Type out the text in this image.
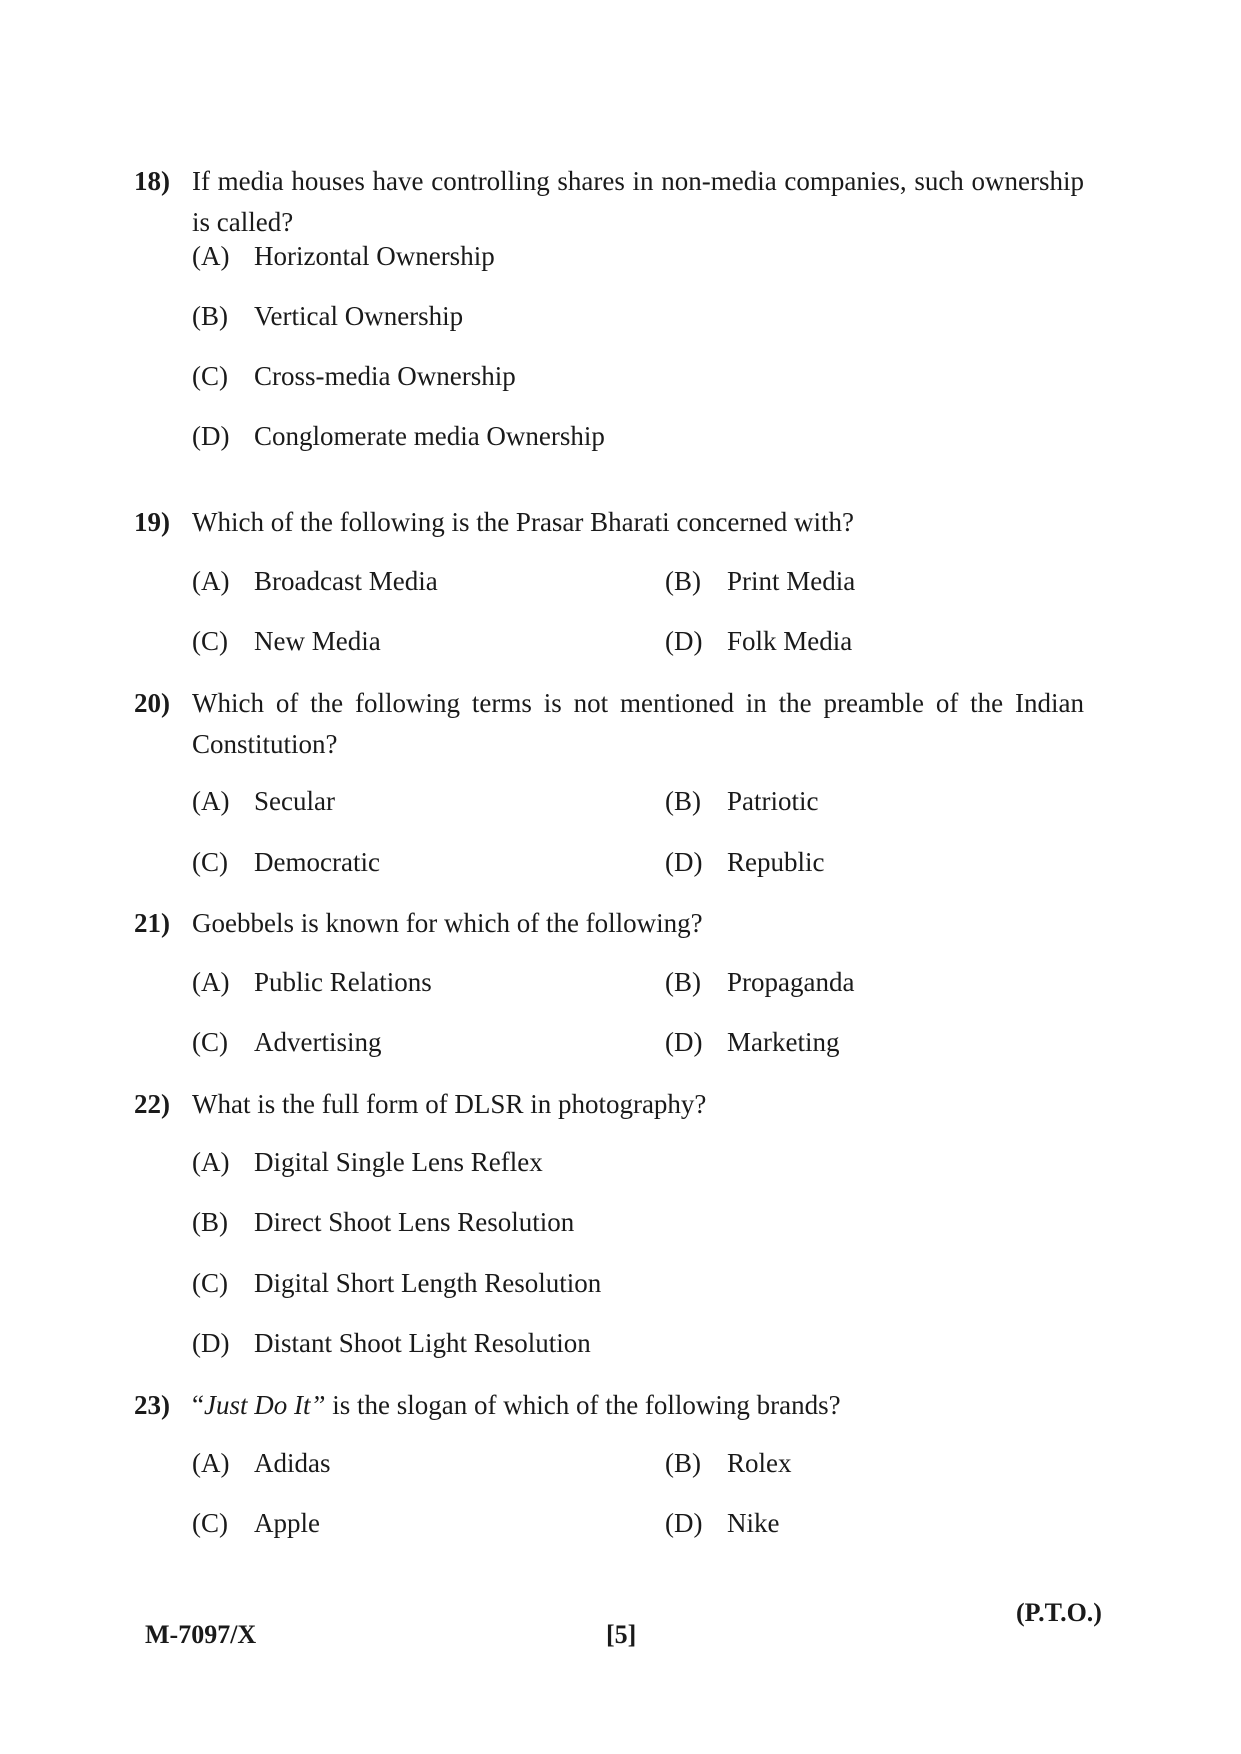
18) If media houses have controlling shares in non-media companies, such ownership is called?
(A) Horizontal Ownership
(B) Vertical Ownership
(C) Cross-media Ownership
(D) Conglomerate media Ownership
19) Which of the following is the Prasar Bharati concerned with?
(A) Broadcast Media	(B) Print Media
(C) New Media	(D) Folk Media
20) Which of the following terms is not mentioned in the preamble of the Indian Constitution?
(A) Secular	(B) Patriotic
(C) Democratic	(D) Republic
21) Goebbels is known for which of the following?
(A) Public Relations	(B) Propaganda
(C) Advertising	(D) Marketing
22) What is the full form of DLSR in photography?
(A) Digital Single Lens Reflex
(B) Direct Shoot Lens Resolution
(C) Digital Short Length Resolution
(D) Distant Shoot Light Resolution
23) “Just Do It” is the slogan of which of the following brands?
(A) Adidas	(B) Rolex
(C) Apple	(D) Nike
M-7097/X	[5]
(P.T.O.)
